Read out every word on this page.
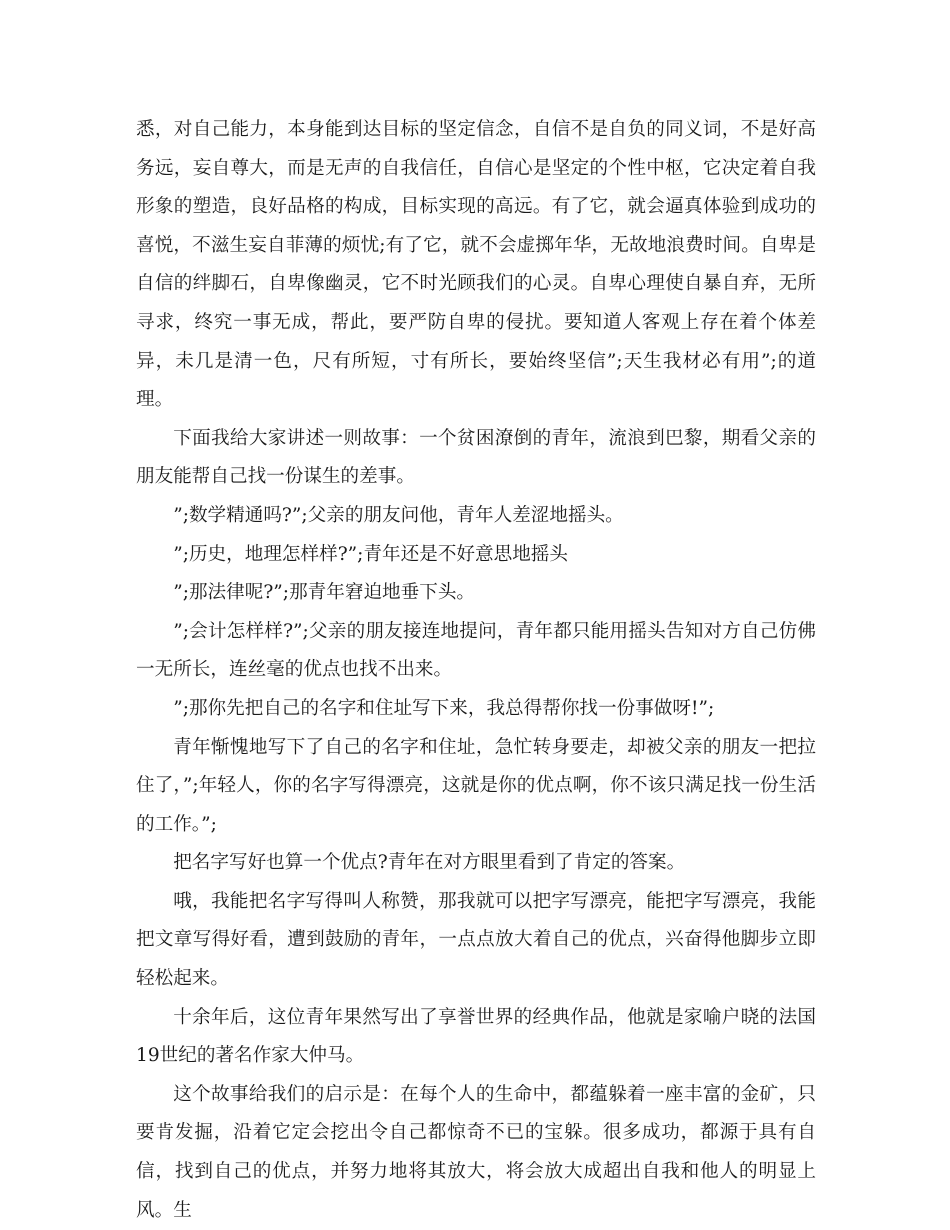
悉，对自己能力，本身能到达目标的坚定信念，自信不是自负的同义词，不是好高务远，妄自尊大，而是无声的自我信任，自信心是坚定的个性中枢，它决定着自我形象的塑造，良好品格的构成，目标实现的高远。有了它，就会逼真体验到成功的喜悦，不滋生妄自菲薄的烦忧;有了它，就不会虚掷年华，无故地浪费时间。自卑是自信的绊脚石，自卑像幽灵，它不时光顾我们的心灵。自卑心理使自暴自弃，无所寻求，终究一事无成，帮此，要严防自卑的侵扰。要知道人客观上存在着个体差异，未几是清一色，尺有所短，寸有所长，要始终坚信”;天生我材必有用”;的道理。

下面我给大家讲述一则故事：一个贫困潦倒的青年，流浪到巴黎，期看父亲的朋友能帮自己找一份谋生的差事。

”;数学精通吗?”;父亲的朋友问他，青年人差涩地摇头。

”;历史，地理怎样样?”;青年还是不好意思地摇头

”;那法律呢?”;那青年窘迫地垂下头。

”;会计怎样样?”;父亲的朋友接连地提问，青年都只能用摇头告知对方自己仿佛一无所长，连丝毫的优点也找不出来。

”;那你先把自己的名字和住址写下来，我总得帮你找一份事做呀!”;

青年惭愧地写下了自己的名字和住址，急忙转身要走，却被父亲的朋友一把拉住了，”;年轻人，你的名字写得漂亮，这就是你的优点啊，你不该只满足找一份生活的工作。”;

把名字写好也算一个优点?青年在对方眼里看到了肯定的答案。

哦，我能把名字写得叫人称赞，那我就可以把字写漂亮，能把字写漂亮，我能把文章写得好看，遭到鼓励的青年，一点点放大着自己的优点，兴奋得他脚步立即轻松起来。

十余年后，这位青年果然写出了享誉世界的经典作品，他就是家喻户晓的法国19世纪的著名作家大仲马。

这个故事给我们的启示是：在每个人的生命中，都蕴躲着一座丰富的金矿，只要肯发掘，沿着它定会挖出令自己都惊奇不已的宝躲。很多成功，都源于具有自信，找到自己的优点，并努力地将其放大，将会放大成超出自我和他人的明显上风。生
